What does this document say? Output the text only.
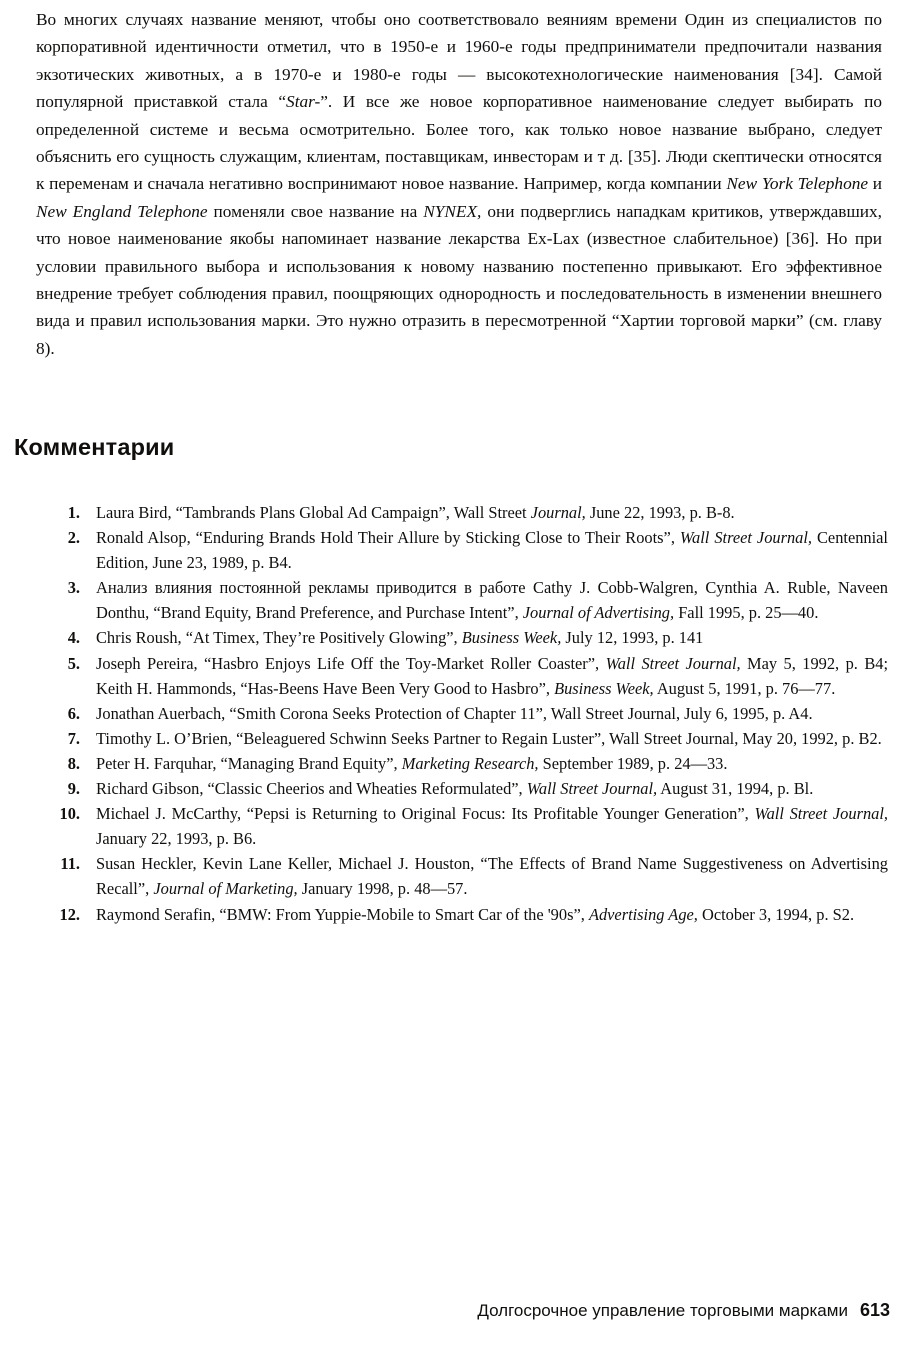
Во многих случаях название меняют, чтобы оно соответствовало веяниям времени Один из специалистов по корпоративной идентичности отметил, что в 1950-е и 1960-е годы предприниматели предпочитали названия экзотических животных, а в 1970-е и 1980-е годы — высокотехнологические наименования [34]. Самой популярной приставкой стала “Star-”. И все же новое корпоративное наименование следует выбирать по определенной системе и весьма осмотрительно. Более того, как только новое название выбрано, следует объяснить его сущность служащим, клиентам, поставщикам, инвесторам и т д. [35]. Люди скептически относятся к переменам и сначала негативно воспринимают новое название. Например, когда компании New York Telephone и New England Telephone поменяли свое название на NYNEX, они подверглись нападкам критиков, утверждавших, что новое наименование якобы напоминает название лекарства Ex-Lax (известное слабительное) [36]. Но при условии правильного выбора и использования к новому названию постепенно привыкают. Его эффективное внедрение требует соблюдения правил, поощряющих однородность и последовательность в изменении внешнего вида и правил использования марки. Это нужно отразить в пересмотренной “Хартии торговой марки” (см. главу 8).

Комментарии
1. Laura Bird, “Tambrands Plans Global Ad Campaign”, Wall Street Journal, June 22, 1993, p. B-8.
2. Ronald Alsop, “Enduring Brands Hold Their Allure by Sticking Close to Their Roots”, Wall Street Journal, Centennial Edition, June 23, 1989, p. B4.
3. Анализ влияния постоянной рекламы приводится в работе Cathy J. Cobb-Walgren, Cynthia A. Ruble, Naveen Donthu, “Brand Equity, Brand Preference, and Purchase Intent”, Journal of Advertising, Fall 1995, p. 25—40.
4. Chris Roush, “At Timex, They’re Positively Glowing”, Business Week, July 12, 1993, p. 141
5. Joseph Pereira, “Hasbro Enjoys Life Off the Toy-Market Roller Coaster”, Wall Street Journal, May 5, 1992, p. B4; Keith H. Hammonds, “Has-Beens Have Been Very Good to Hasbro”, Business Week, August 5, 1991, p. 76—77.
6. Jonathan Auerbach, “Smith Corona Seeks Protection of Chapter 11”, Wall Street Journal, July 6, 1995, p. A4.
7. Timothy L. O’Brien, “Beleaguered Schwinn Seeks Partner to Regain Luster”, Wall Street Journal, May 20, 1992, p. B2.
8. Peter H. Farquhar, “Managing Brand Equity”, Marketing Research, September 1989, p. 24—33.
9. Richard Gibson, “Classic Cheerios and Wheaties Reformulated”, Wall Street Journal, August 31, 1994, p. Bl.
10. Michael J. McCarthy, “Pepsi is Returning to Original Focus: Its Profitable Younger Generation”, Wall Street Journal, January 22, 1993, p. B6.
11. Susan Heckler, Kevin Lane Keller, Michael J. Houston, “The Effects of Brand Name Suggestiveness on Advertising Recall”, Journal of Marketing, January 1998, p. 48—57.
12. Raymond Serafin, “BMW: From Yuppie-Mobile to Smart Car of the '90s”, Advertising Age, October 3, 1994, p. S2.
Долгосрочное управление торговыми марками 613
